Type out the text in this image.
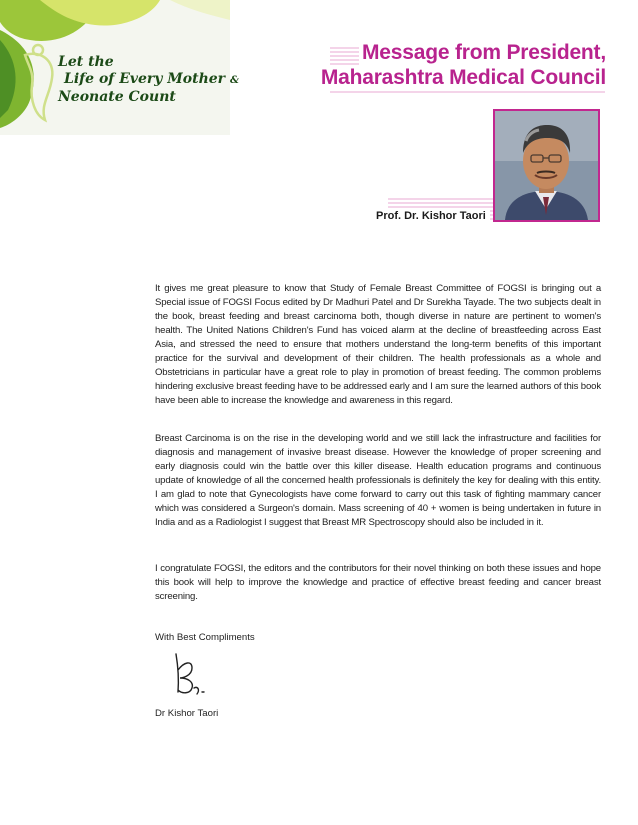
Let the
Life of Every Mother &
Neonate Count
Message from President,
Maharashtra Medical Council
Prof. Dr. Kishor Taori

It gives me great pleasure to know that Study of Female Breast Committee of FOGSI is bringing out a Special issue of FOGSI Focus edited by Dr Madhuri Patel and Dr Surekha Tayade. The two subjects dealt in the book, breast feeding and breast carcinoma both, though diverse in nature are pertinent to women's health. The United Nations Children's Fund has voiced alarm at the decline of breastfeeding across East Asia, and stressed the need to ensure that mothers understand the long-term benefits of this important practice for the survival and development of their children. The health professionals as a whole and Obstetricians in particular have a great role to play in promotion of breast feeding. The common problems hindering exclusive breast feeding have to be addressed early and I am sure the learned authors of this book have been able to increase the knowledge and awareness in this regard.

Breast Carcinoma is on the rise in the developing world and we still lack the infrastructure and facilities for diagnosis and management of invasive breast disease. However the knowledge of proper screening and early diagnosis could win the battle over this killer disease. Health education programs and continuous update of knowledge of all the concerned health professionals is definitely the key for dealing with this entity. I am glad to note that Gynecologists have come forward to carry out this task of fighting mammary cancer which was considered a Surgeon's domain. Mass screening of 40 + women is being undertaken in future in India and as a Radiologist I suggest that Breast MR Spectroscopy should also be included in it.

I congratulate FOGSI, the editors and the contributors for their novel thinking on both these issues and hope this book will help to improve the knowledge and practice of effective breast feeding and cancer breast screening.

With Best Compliments
Dr Kishor Taori
